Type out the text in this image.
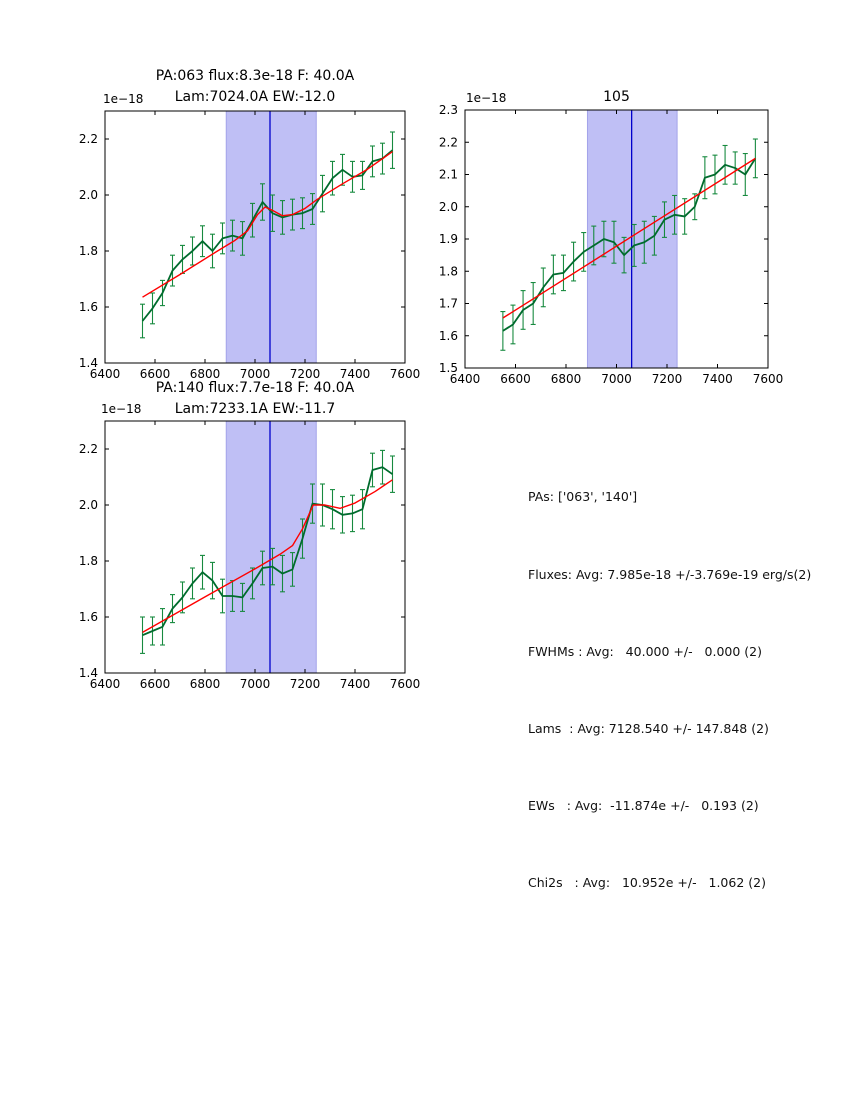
6400 6600 6800 7000 7200 7400 7600
1.4
1.6
1.8
2.0
2.2
6400 6600 6800 7000 7200 7400 7600
1.5
1.6
1.7
1.8
1.9
2.0
2.1
2.2
2.3
6400 6600 6800 7000 7200 7400 7600
1.4
1.6
1.8
2.0
2.2
PA:063 flux:8.3e-18 F: 40.0A
Lam:7024.0A EW:-12.0
1e−18	105
1e−18
PA:140 flux:7.7e-18 F: 40.0A
Lam:7233.1A EW:-11.7
1e−18

PAs: ['063', '140']

Fluxes: Avg: 7.985e-18 +/-3.769e-19 erg/s(2)

FWHMs : Avg:   40.000 +/-   0.000 (2)

Lams  : Avg: 7128.540 +/- 147.848 (2)

EWs   : Avg:  -11.874e +/-   0.193 (2)

Chi2s   : Avg:   10.952e +/-   1.062 (2)
